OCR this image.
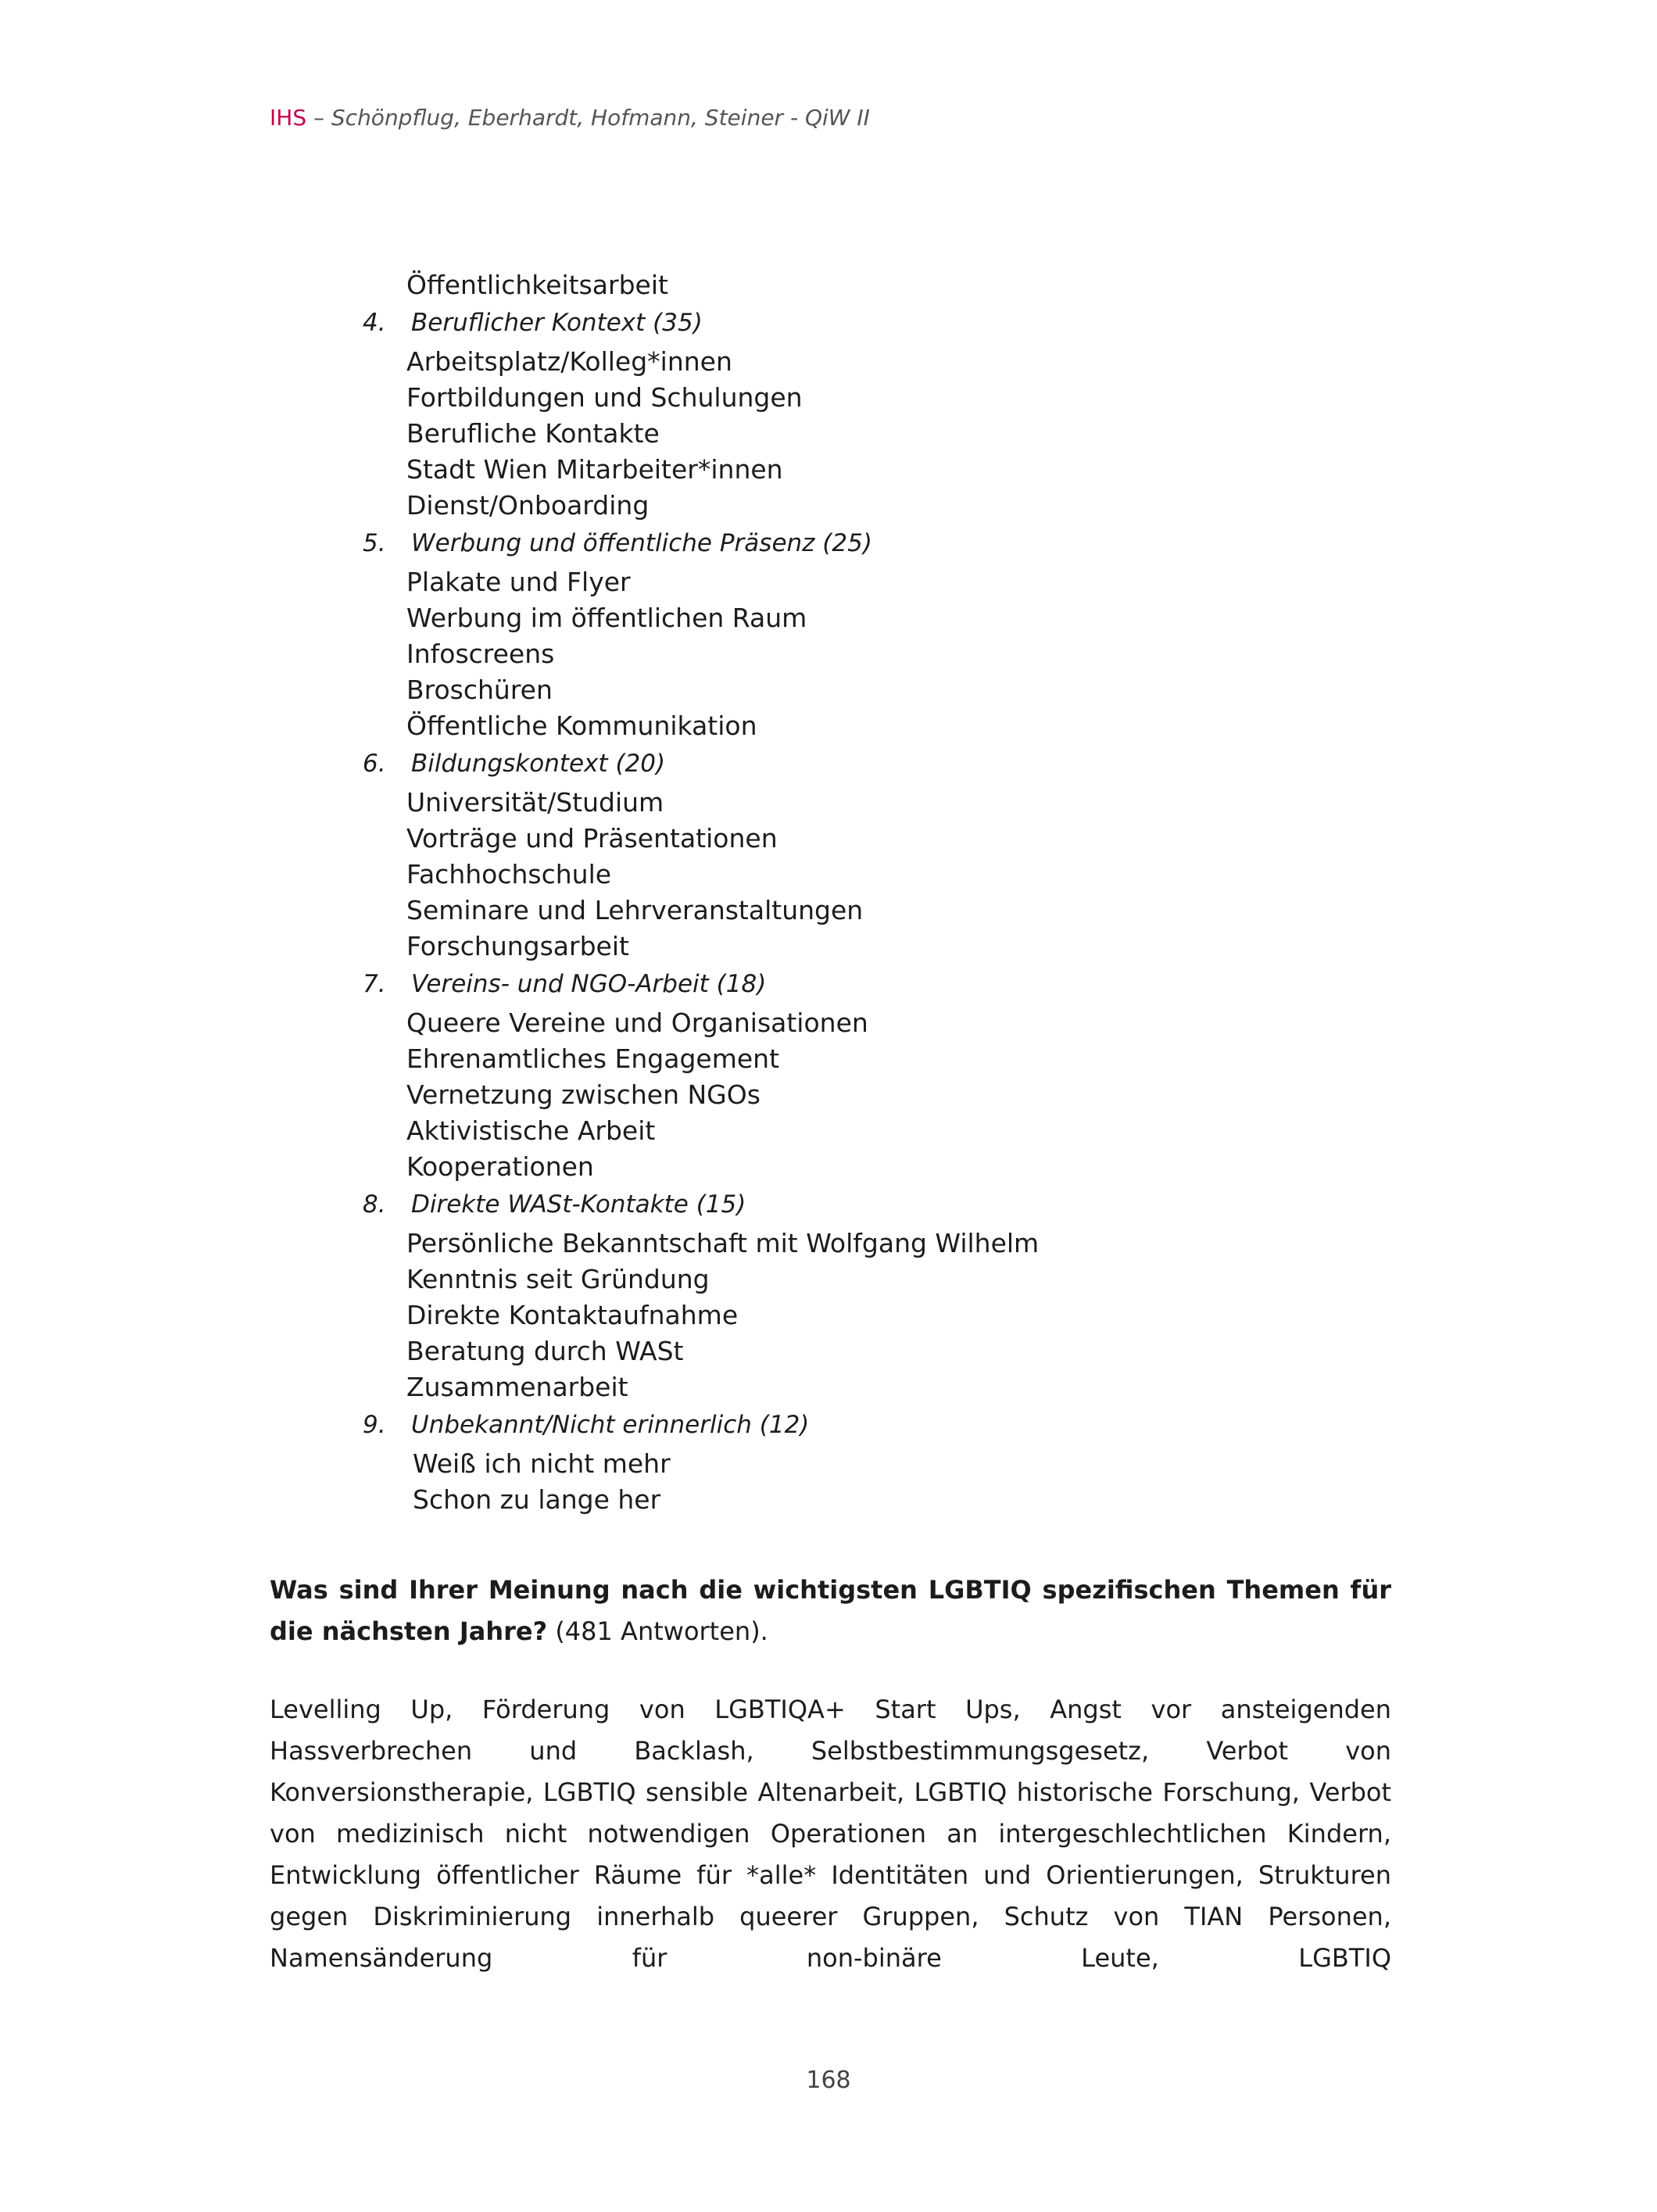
IHS – Schönpflug, Eberhardt, Hofmann, Steiner - QiW II
Öffentlichkeitsarbeit
4. Beruflicher Kontext (35)
Arbeitsplatz/Kolleg*innen
Fortbildungen und Schulungen
Berufliche Kontakte
Stadt Wien Mitarbeiter*innen
Dienst/Onboarding
5. Werbung und öffentliche Präsenz (25)
Plakate und Flyer
Werbung im öffentlichen Raum
Infoscreens
Broschüren
Öffentliche Kommunikation
6. Bildungskontext (20)
Universität/Studium
Vorträge und Präsentationen
Fachhochschule
Seminare und Lehrveranstaltungen
Forschungsarbeit
7. Vereins- und NGO-Arbeit (18)
Queere Vereine und Organisationen
Ehrenamtliches Engagement
Vernetzung zwischen NGOs
Aktivistische Arbeit
Kooperationen
8. Direkte WASt-Kontakte (15)
Persönliche Bekanntschaft mit Wolfgang Wilhelm
Kenntnis seit Gründung
Direkte Kontaktaufnahme
Beratung durch WASt
Zusammenarbeit
9. Unbekannt/Nicht erinnerlich (12)
Weiß ich nicht mehr
Schon zu lange her

Was sind Ihrer Meinung nach die wichtigsten LGBTIQ spezifischen Themen für die nächsten Jahre? (481 Antworten).

Levelling Up, Förderung von LGBTIQA+ Start Ups, Angst vor ansteigenden Hassverbrechen und Backlash, Selbstbestimmungsgesetz, Verbot von Konversionstherapie, LGBTIQ sensible Altenarbeit, LGBTIQ historische Forschung, Verbot von medizinisch nicht notwendigen Operationen an intergeschlechtlichen Kindern, Entwicklung öffentlicher Räume für *alle* Identitäten und Orientierungen, Strukturen gegen Diskriminierung innerhalb queerer Gruppen, Schutz von TIAN Personen, Namensänderung für non-binäre Leute, LGBTIQ

168
